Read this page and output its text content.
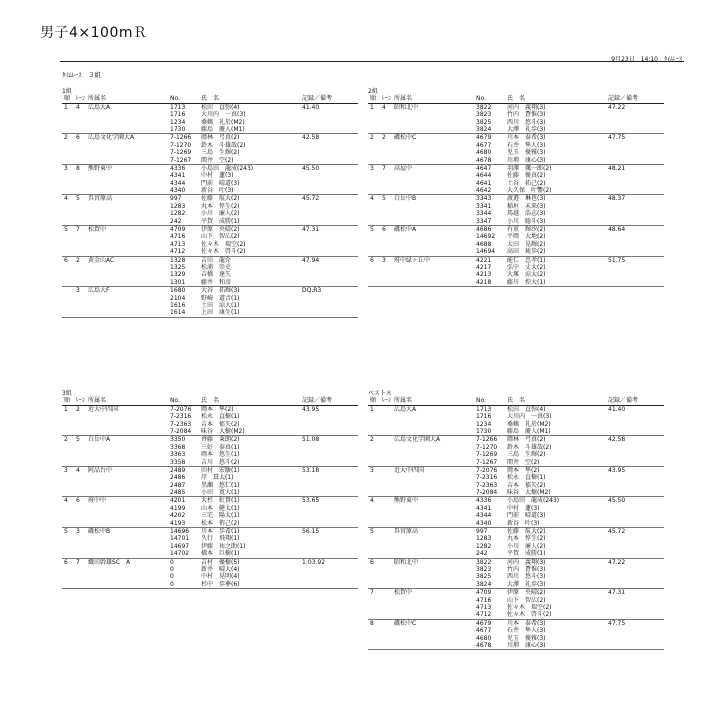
男子4×100mＲ
9月23日　14:10　ﾀｲﾑﾚｰｽ
ﾀｲﾑﾚｰｽ　３組
1組
順 ﾚｰﾝ 所属名	No.	氏　名	記録／備考
1 4 広島大A	41.40
1713	松田　直弥(4)
1716	大川内　一真(3)
1234	桑鶴　礼於(M2)
1730	藤島　慶人(M1)
2 6 広島文化学園大A	42.58
7-1266 岡林　弓真(2)
7-1270 鈴木　斗雄哉(2)
7-1269 三島　生輝(2)
7-1267 関井　空(2)
3 8 熊野東中	45.50
4336	小島田　龍成(243)
4341	中村　蓮(3)
4344	門前　晴道(3)
4340	新谷　叶(3)
4 5 呉宮原高	45.72
997	佐藤　航大(2)
1283	丸本　惇生(2)
1282	小川　廉人(2)
242	平賀　成勝(1)
5 7 松賀中	47.31
4709	伊原　央晴(2)
4716	山下　智広(2)
4713	佐々木　瑞空(2)
4712	佐々木　啓斗(2)
6 2 黄金山AC	47.94
1328	吉田　龍介
1325	松浦　崇史
1329	吉橋　達矢
1301	藤井　和彦
3 広島大F	DQ,R3
1680	大谷　拓輝(3)
2104	野崎　道音(1)
1616	土田　涼大(1)
1614	上田　康生(1)
2組
順 ﾚｰﾝ 所属名	No.	氏　名	記録／備考
1 4 昭和北中	47.22
3822	河内　義翔(3)
3823	竹内　蒼惟(3)
3825	西川　悠斗(3)
3824	大澤　礼歩(3)
2 2 磯松中C	47.75
4679	川本　泰希(3)
4677	石井　隼人(3)
4680	児玉　優雅(3)
4678	川増　康心(3)
3 7 高屋中	48.21
4647	羽澤　颯一郎(2)
4644	佐藤　優真(2)
4641	土谷　拓己(2)
4642	大久保　叶響(2)
4 5 白岳中B	48.37
3343	渡邉　琳也(3)
3341	稲垣　未来(3)
3344	馬越　浩志(3)
3347	小川　聡斗(3)
5 6 磯松中A	48.64
4686	有重　輝汐(2)
14692 平岡　大地(2)
4688	大田　晃輝(2)
14694 高田　琉歩(2)
6 3 府中緑ヶ丘中	51.75
4221	能仁　忠孝(1)
4217	弘中　丈大(2)
4213	大塚　涼太(2)
4218	藤川　煌大(1)
3組
順 ﾚｰﾝ 所属名	No.	氏　名	記録／備考
1 2 近大中四国	43.95
7-2076 岡本　隼(2)
7-2316 松永　直樹(1)
7-2363 吉本　郁矢(2)
7-2084 味谷　大樹(M2)
2 5 白岳中A	51.08
3350	齊藤　秉朗(2)
3368	三好　泰真(1)
3363	岡本　悠生(1)
3358	吉川　悠斗(2)
3 4 阿品台中	53.18
2489	田村　宏駿(1)
2486	岸　貫太(1)
2487	黒瀬　悠仁(1)
2485	小田　寛大(1)
4 6 府中中	53.65
4201	大杉　虹貴(1)
4199	山本　健太(1)
4202	三宅　陽太(1)
4193	松本　侑己(2)
5 3 磯松中B	56.15
14696 川本　歩希(1)
14701 久行　飛翔(1)
14697 伊藤　祐之助(1)
14702 橋本　巨樹(1)
6 7 織田幹雄SC　A	1:03.92
0	吉村　優樹(5)
0	新井　晴大(4)
0	中村　晃明(4)
0	杉中　歩夢(6)
ベスト８
順 ﾚｰﾝ 所属名	No.	氏　名	記録／備考
1	広島大A	41.40
1713	松田　直弥(4)
1716	大川内　一真(3)
1234	桑鶴　礼於(M2)
1730	藤島　慶人(M1)
2	広島文化学園大A	42.58
7-1266 岡林　弓真(2)
7-1270 鈴木　斗雄哉(2)
7-1269 三島　生輝(2)
7-1267 関井　空(2)
3	近大中四国	43.95
7-2076 岡本　隼(2)
7-2316 松永　直樹(1)
7-2363 吉本　郁矢(2)
7-2084 味谷　大樹(M2)
4	熊野東中	45.50
4336	小島田　龍成(243)
4341	中村　蓮(3)
4344	門前　晴道(3)
4340	新谷　叶(3)
5	呉宮原高	45.72
997	佐藤　航大(2)
1283	丸本　惇生(2)
1282	小川　廉人(2)
242	平賀　成勝(1)
6	昭和北中	47.22
3822	河内　義翔(3)
3823	竹内　蒼惟(3)
3825	西川　悠斗(3)
3824	大澤　礼歩(3)
7	松賀中	47.31
4709	伊原　央晴(2)
4716	山下　智広(2)
4713	佐々木　瑞空(2)
4712	佐々木　啓斗(2)
8	磯松中C	47.75
4679	川本　泰希(3)
4677	石井　隼人(3)
4680	児玉　優雅(3)
4678	川増　康心(3)
